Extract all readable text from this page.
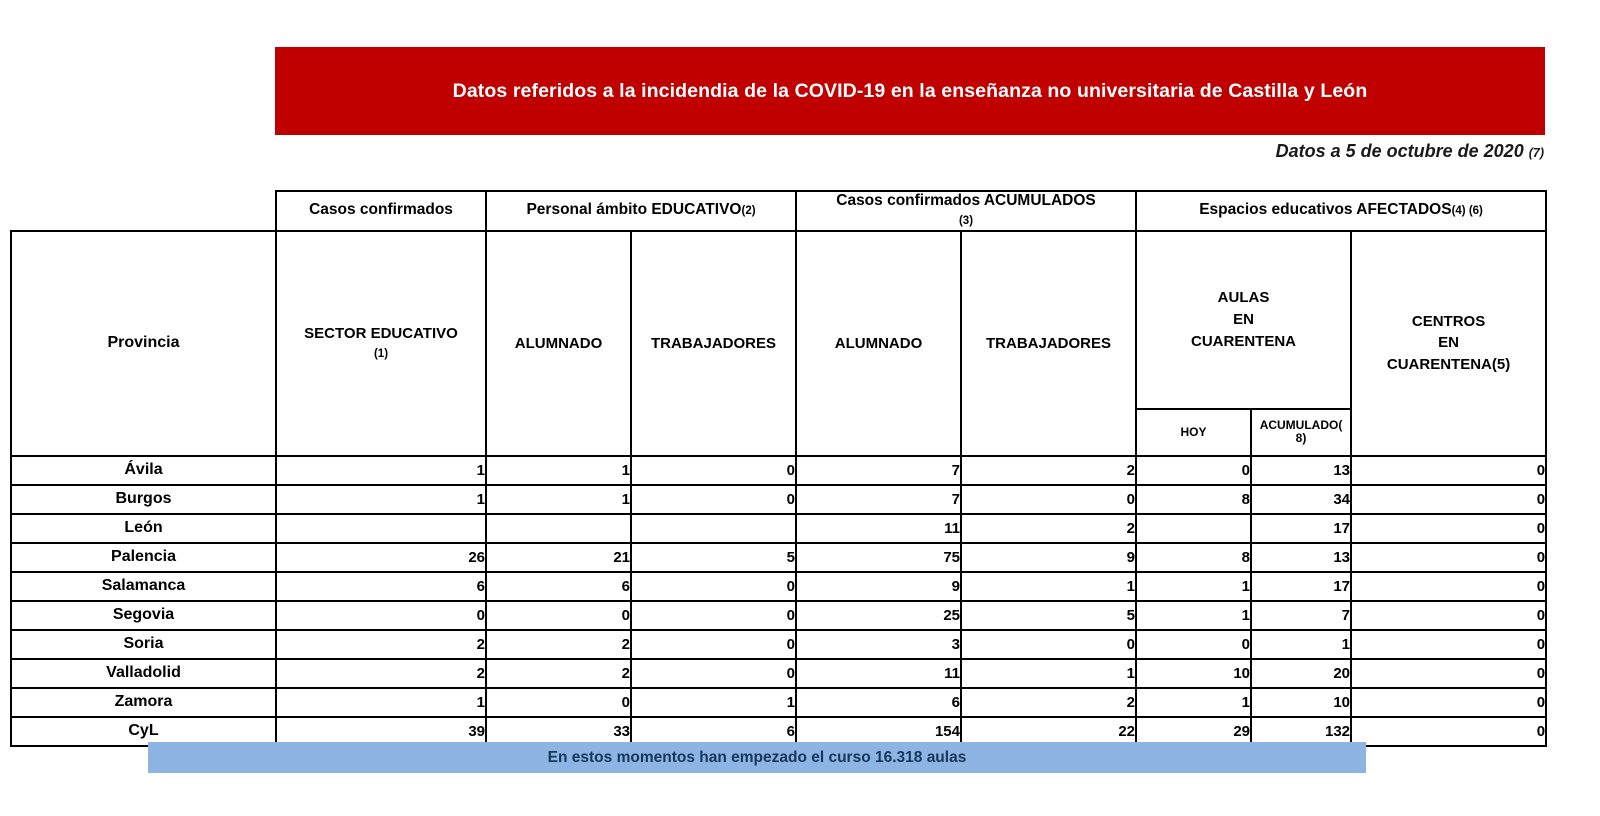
Datos referidos a la incidendia de la COVID-19 en la enseñanza no universitaria de Castilla y León
Datos a 5 de octubre de 2020 (7)
	Casos confirmados	Personal ámbito EDUCATIVO(2)		Casos confirmados ACUMULADOS
(3)		Espacios educativos AFECTADOS(4) (6)		
Provincia	SECTOR EDUCATIVO
(1)	ALUMNADO	TRABAJADORES	ALUMNADO	TRABAJADORES	AULAS
EN
CUARENTENA		CENTROS
EN
CUARENTENA(5)
						HOY	ACUMULADO(
8)	
Ávila	1	1	0	7	2	0	13	0
Burgos	1	1	0	7	0	8	34	0
León				11	2		17	0
Palencia	26	21	5	75	9	8	13	0
Salamanca	6	6	0	9	1	1	17	0
Segovia	0	0	0	25	5	1	7	0
Soria	2	2	0	3	0	0	1	0
Valladolid	2	2	0	11	1	10	20	0
Zamora	1	0	1	6	2	1	10	0
CyL	39	33	6	154	22	29	132	0
En estos momentos han empezado el curso 16.318 aulas
